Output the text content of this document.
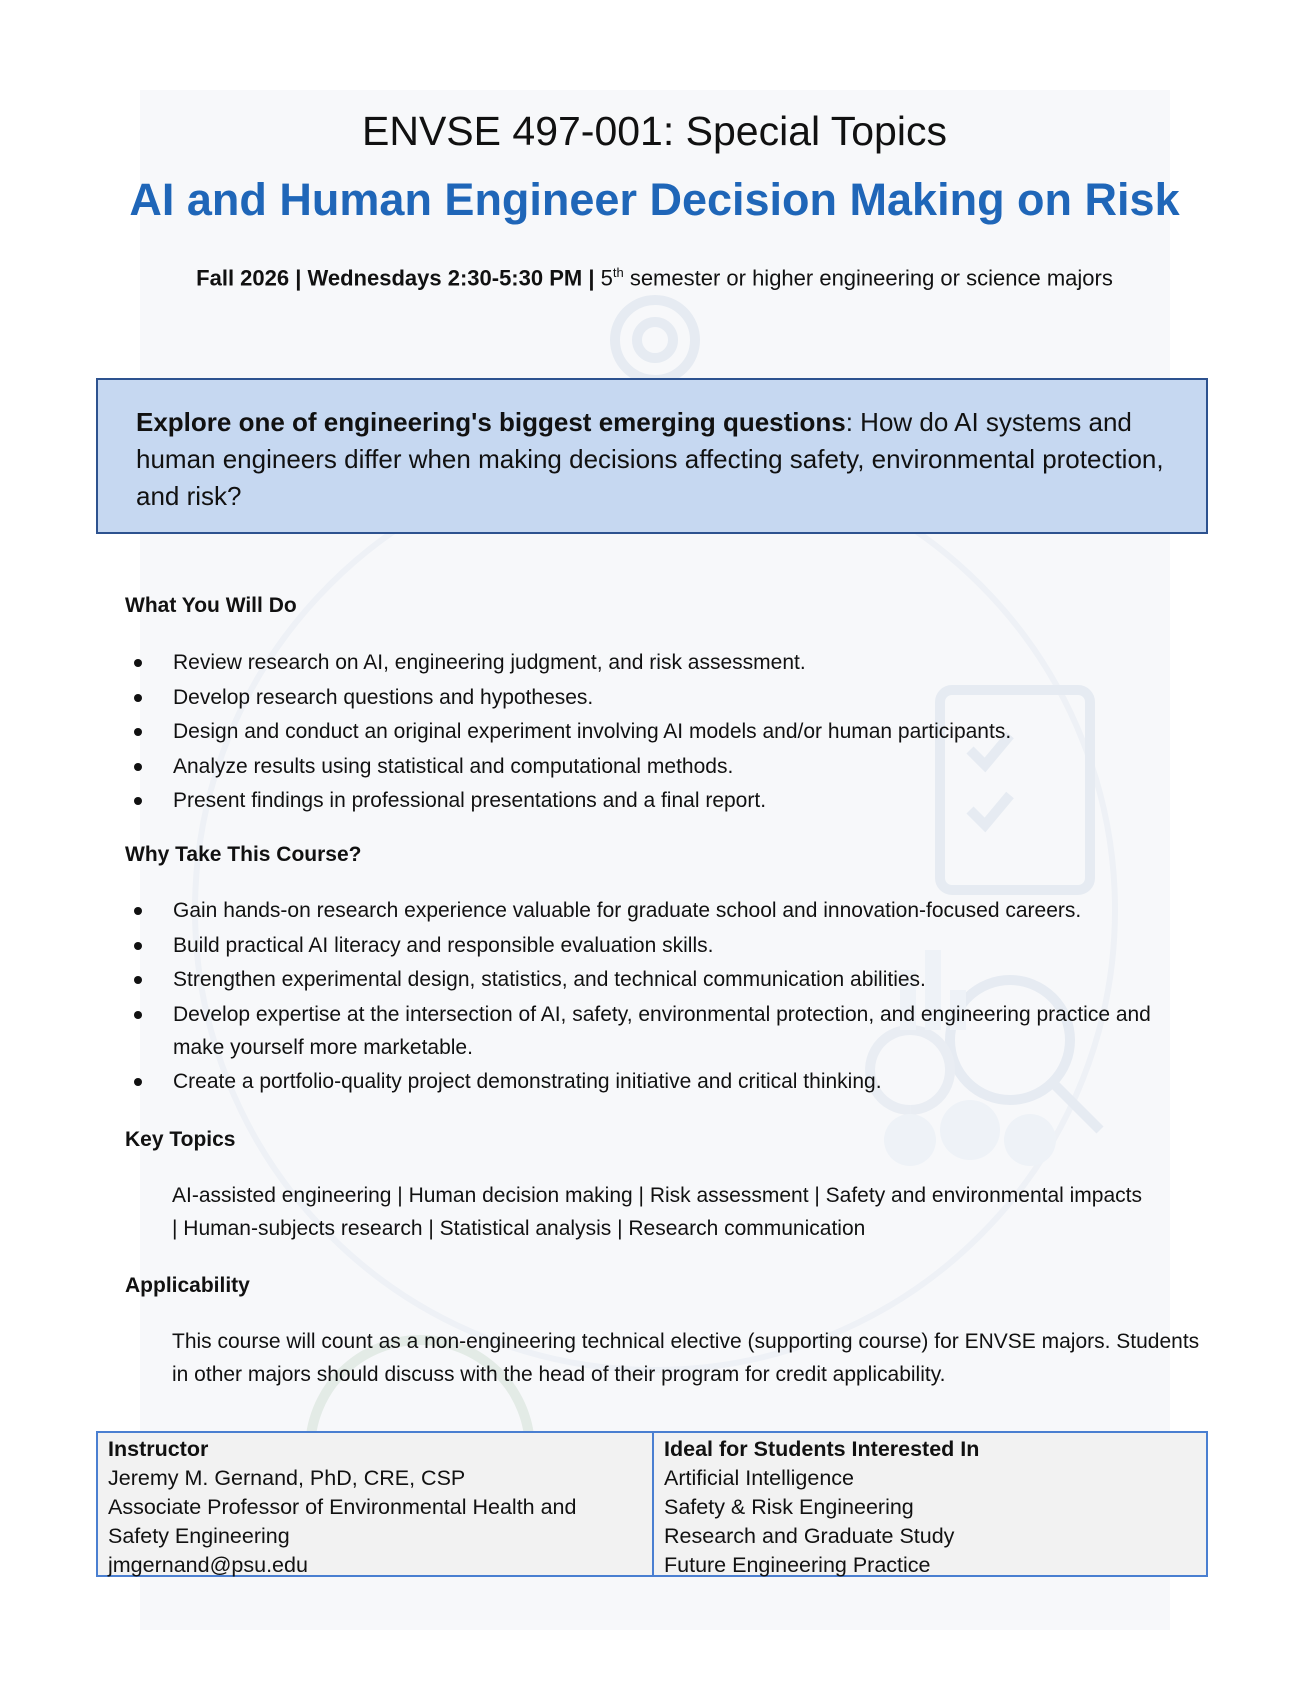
ENVSE 497-001: Special Topics
AI and Human Engineer Decision Making on Risk
Fall 2026 | Wednesdays 2:30-5:30 PM | 5th semester or higher engineering or science majors
Explore one of engineering's biggest emerging questions: How do AI systems and human engineers differ when making decisions affecting safety, environmental protection, and risk?
What You Will Do
Review research on AI, engineering judgment, and risk assessment.
Develop research questions and hypotheses.
Design and conduct an original experiment involving AI models and/or human participants.
Analyze results using statistical and computational methods.
Present findings in professional presentations and a final report.
Why Take This Course?
Gain hands-on research experience valuable for graduate school and innovation-focused careers.
Build practical AI literacy and responsible evaluation skills.
Strengthen experimental design, statistics, and technical communication abilities.
Develop expertise at the intersection of AI, safety, environmental protection, and engineering practice and make yourself more marketable.
Create a portfolio-quality project demonstrating initiative and critical thinking.
Key Topics
AI-assisted engineering | Human decision making | Risk assessment | Safety and environmental impacts | Human-subjects research | Statistical analysis | Research communication
Applicability
This course will count as a non-engineering technical elective (supporting course) for ENVSE majors. Students in other majors should discuss with the head of their program for credit applicability.
Instructor
Jeremy M. Gernand, PhD, CRE, CSP
Associate Professor of Environmental Health and Safety Engineering
jmgernand@psu.edu
Ideal for Students Interested In
Artificial Intelligence
Safety & Risk Engineering
Research and Graduate Study
Future Engineering Practice
